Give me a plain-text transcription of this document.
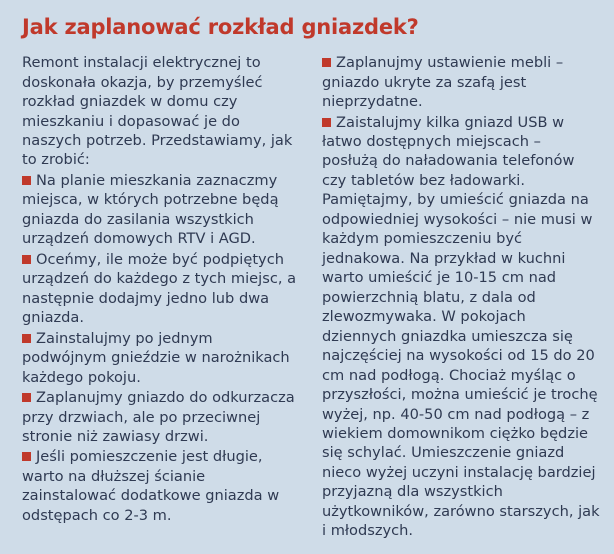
Jak zaplanować rozkład gniazdek?

Remont instalacji elektrycznej to doskonała okazja, by przemyśleć rozkład gniazdek w domu czy mieszkaniu i dopasować je do naszych potrzeb. Przedstawiamy, jak to zrobić:

Na planie mieszkania zaznaczmy miejsca, w których potrzebne będą gniazda do zasilania wszystkich urządzeń domowych RTV i AGD.

Oceńmy, ile może być podpiętych urządzeń do każdego z tych miejsc, a następnie dodajmy jedno lub dwa gniazda.

Zainstalujmy po jednym podwójnym gnieździe w narożnikach każdego pokoju.

Zaplanujmy gniazdo do odkurzacza przy drzwiach, ale po przeciwnej stronie niż zawiasy drzwi.

Jeśli pomieszczenie jest długie, warto na dłuższej ścianie zainstalować dodatkowe gniazda w odstępach co 2-3 m.

Zaplanujmy ustawienie mebli – gniazdo ukryte za szafą jest nieprzydatne.

Zaistalujmy kilka gniazd USB w łatwo dostępnych miejscach – posłużą do naładowania telefonów czy tabletów bez ładowarki. Pamiętajmy, by umieścić gniazda na odpowiedniej wysokości – nie musi w każdym pomieszczeniu być jednakowa. Na przykład w kuchni warto umieścić je 10-15 cm nad powierzchnią blatu, z dala od zlewozmywaka. W pokojach dziennych gniazdka umieszcza się najczęściej na wysokości od 15 do 20 cm nad podłogą. Chociaż myśląc o przyszłości, można umieścić je trochę wyżej, np. 40-50 cm nad podłogą – z wiekiem domownikom ciężko będzie się schylać. Umieszczenie gniazd nieco wyżej uczyni instalację bardziej przyjazną dla wszystkich użytkowników, zarówno starszych, jak i młodszych.
